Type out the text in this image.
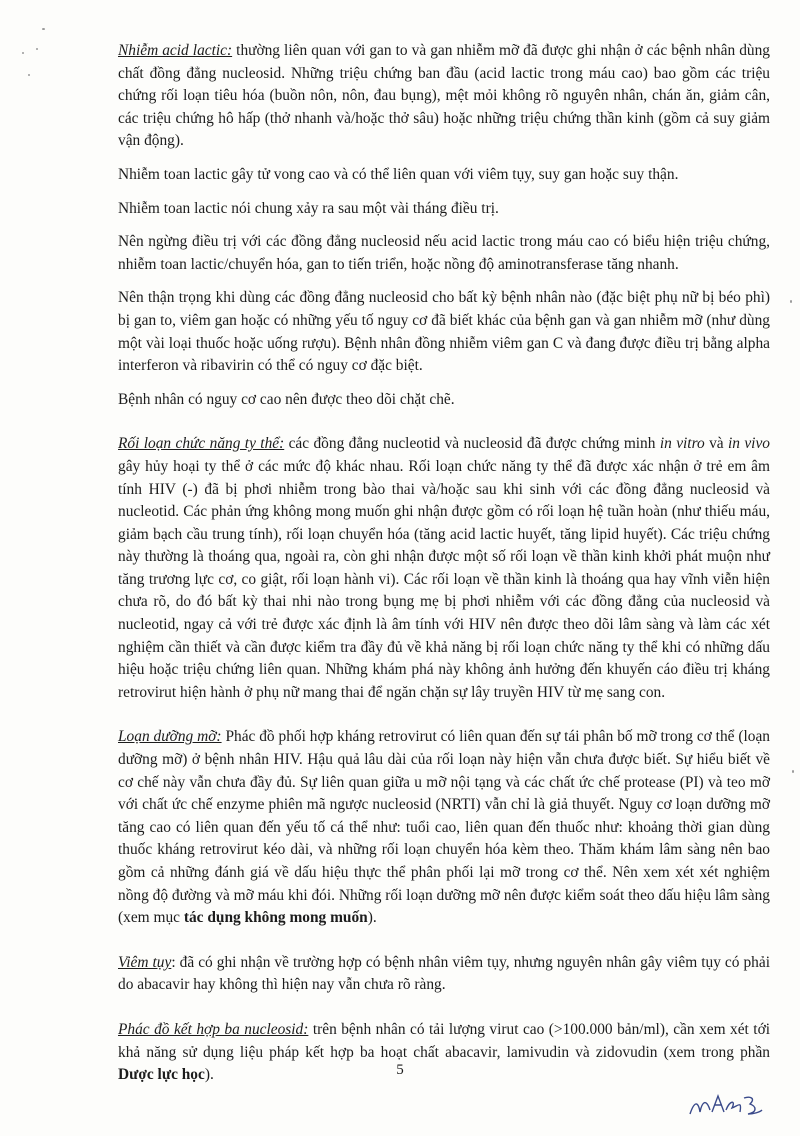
Nhiễm acid lactic: thường liên quan với gan to và gan nhiễm mỡ đã được ghi nhận ở các bệnh nhân dùng chất đồng đẳng nucleosid. Những triệu chứng ban đầu (acid lactic trong máu cao) bao gồm các triệu chứng rối loạn tiêu hóa (buồn nôn, nôn, đau bụng), mệt mỏi không rõ nguyên nhân, chán ăn, giảm cân, các triệu chứng hô hấp (thở nhanh và/hoặc thở sâu) hoặc những triệu chứng thần kinh (gồm cả suy giảm vận động).

Nhiễm toan lactic gây tử vong cao và có thể liên quan với viêm tụy, suy gan hoặc suy thận.

Nhiễm toan lactic nói chung xảy ra sau một vài tháng điều trị.

Nên ngừng điều trị với các đồng đẳng nucleosid nếu acid lactic trong máu cao có biểu hiện triệu chứng, nhiễm toan lactic/chuyển hóa, gan to tiến triển, hoặc nồng độ aminotransferase tăng nhanh.

Nên thận trọng khi dùng các đồng đẳng nucleosid cho bất kỳ bệnh nhân nào (đặc biệt phụ nữ bị béo phì) bị gan to, viêm gan hoặc có những yếu tố nguy cơ đã biết khác của bệnh gan và gan nhiễm mỡ (như dùng một vài loại thuốc hoặc uống rượu). Bệnh nhân đồng nhiễm viêm gan C và đang được điều trị bằng alpha interferon và ribavirin có thể có nguy cơ đặc biệt.

Bệnh nhân có nguy cơ cao nên được theo dõi chặt chẽ.

Rối loạn chức năng ty thể: các đồng đẳng nucleotid và nucleosid đã được chứng minh in vitro và in vivo gây hủy hoại ty thể ở các mức độ khác nhau. Rối loạn chức năng ty thể đã được xác nhận ở trẻ em âm tính HIV (-) đã bị phơi nhiễm trong bào thai và/hoặc sau khi sinh với các đồng đẳng nucleosid và nucleotid. Các phản ứng không mong muốn ghi nhận được gồm có rối loạn hệ tuần hoàn (như thiếu máu, giảm bạch cầu trung tính), rối loạn chuyển hóa (tăng acid lactic huyết, tăng lipid huyết). Các triệu chứng này thường là thoáng qua, ngoài ra, còn ghi nhận được một số rối loạn về thần kinh khởi phát muộn như tăng trương lực cơ, co giật, rối loạn hành vi). Các rối loạn về thần kinh là thoáng qua hay vĩnh viễn hiện chưa rõ, do đó bất kỳ thai nhi nào trong bụng mẹ bị phơi nhiễm với các đồng đẳng của nucleosid và nucleotid, ngay cả với trẻ được xác định là âm tính với HIV nên được theo dõi lâm sàng và làm các xét nghiệm cần thiết và cần được kiểm tra đầy đủ về khả năng bị rối loạn chức năng ty thể khi có những dấu hiệu hoặc triệu chứng liên quan. Những khám phá này không ảnh hưởng đến khuyến cáo điều trị kháng retrovirut hiện hành ở phụ nữ mang thai để ngăn chặn sự lây truyền HIV từ mẹ sang con.

Loạn dưỡng mỡ: Phác đồ phối hợp kháng retrovirut có liên quan đến sự tái phân bố mỡ trong cơ thể (loạn dưỡng mỡ) ở bệnh nhân HIV. Hậu quả lâu dài của rối loạn này hiện vẫn chưa được biết. Sự hiểu biết về cơ chế này vẫn chưa đầy đủ. Sự liên quan giữa u mỡ nội tạng và các chất ức chế protease (PI) và teo mỡ với chất ức chế enzyme phiên mã ngược nucleosid (NRTI) vẫn chỉ là giả thuyết. Nguy cơ loạn dưỡng mỡ tăng cao có liên quan đến yếu tố cá thể như: tuổi cao, liên quan đến thuốc như: khoảng thời gian dùng thuốc kháng retrovirut kéo dài, và những rối loạn chuyển hóa kèm theo. Thăm khám lâm sàng nên bao gồm cả những đánh giá về dấu hiệu thực thể phân phối lại mỡ trong cơ thể. Nên xem xét xét nghiệm nồng độ đường và mỡ máu khi đói. Những rối loạn dưỡng mỡ nên được kiểm soát theo dấu hiệu lâm sàng (xem mục tác dụng không mong muốn).

Viêm tụy: đã có ghi nhận về trường hợp có bệnh nhân viêm tụy, nhưng nguyên nhân gây viêm tụy có phải do abacavir hay không thì hiện nay vẫn chưa rõ ràng.

Phác đồ kết hợp ba nucleosid: trên bệnh nhân có tải lượng virut cao (>100.000 bản/ml), cần xem xét tới khả năng sử dụng liệu pháp kết hợp ba hoạt chất abacavir, lamivudin và zidovudin (xem trong phần Dược lực học).	5
